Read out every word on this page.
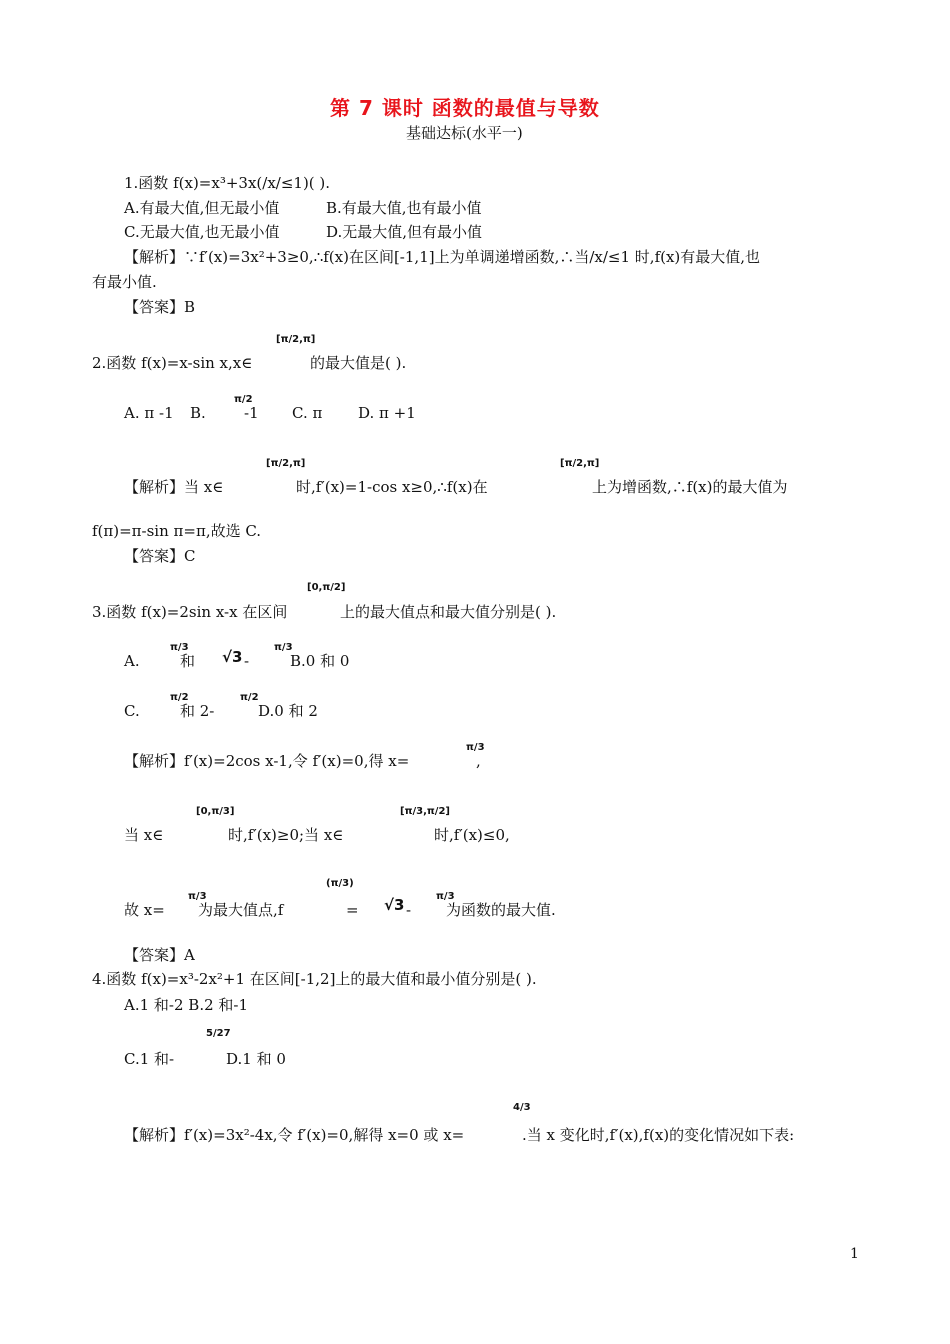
第 7 课时 函数的最值与导数
基础达标(水平一)
1.函数 f(x)=x³+3x(/x/≤1)( ).
A.有最大值,但无最小值	B.有最大值,也有最小值
C.无最大值,也无最小值	D.无最大值,但有最小值
【解析】∵f′(x)=3x²+3≥0,∴f(x)在区间[-1,1]上为单调递增函数,∴当/x/≤1 时,f(x)有最大值,也
有最小值.
【答案】B
2.函数 f(x)=x-sin x,x∈
[π/2,π]
的最大值是( ).
A. π -1 B.
π/2
-1 C. π D. π +1
【解析】当 x∈
[π/2,π]
时,f′(x)=1-cos x≥0,∴f(x)在
[π/2,π]
上为增函数,∴f(x)的最大值为
f(π)=π-sin π=π,故选 C.
【答案】C
3.函数 f(x)=2sin x-x 在区间
[0,π/2]
上的最大值点和最大值分别是( ).
A.
π/3
和 √3 -
π/3
B.0 和 0
C.
π/2
和 2-
π/2
D.0 和 2
【解析】f′(x)=2cos x-1,令 f′(x)=0,得 x=
π/3
,
当 x∈
[0,π/3]
时,f′(x)≥0;当 x∈
[π/3,π/2]
时,f′(x)≤0,
故 x=
π/3
为最大值点,f
(π/3)
= √3 -
π/3
为函数的最大值.
【答案】A
4.函数 f(x)=x³-2x²+1 在区间[-1,2]上的最大值和最小值分别是( ).
A.1 和-2 B.2 和-1
C.1 和-
5/27
D.1 和 0
【解析】f′(x)=3x²-4x,令 f′(x)=0,解得 x=0 或 x=
4/3
.当 x 变化时,f′(x),f(x)的变化情况如下表:
1
